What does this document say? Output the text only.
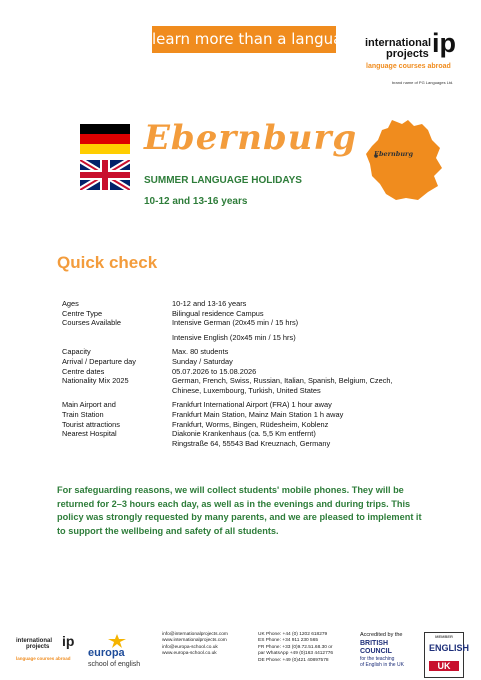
learn more than a language international
projects ip
language courses abroad
brand name of PG Languages Ltd.
Ebernburg
SUMMER LANGUAGE HOLIDAYS
10-12 and 13-16 years
Ebernburg
Quick check
Ages	10-12 and 13-16 years
Centre Type	Bilingual residence Campus
Courses Available	Intensive German (20x45 min / 15 hrs)
Intensive English (20x45 min / 15 hrs)
Capacity	Max. 80 students
Arrival / Departure day	Sunday / Saturday
Centre dates	05.07.2026 to 15.08.2026
Nationality Mix 2025	German, French, Swiss, Russian, Italian, Spanish, Belgium, Czech,
Chinese, Luxembourg, Turkish, United States
Main Airport and	Frankfurt International Airport (FRA) 1 hour away
Train Station	Frankfurt Main Station, Mainz Main Station 1 h away
Tourist attractions	Frankfurt, Worms, Bingen, Rüdesheim, Koblenz
Nearest Hospital	Diakonie Krankenhaus (ca. 5,5 Km entfernt)
Ringstraße 64, 55543 Bad Kreuznach, Germany
For safeguarding reasons, we will collect students' mobile phones. They will be returned for 2–3 hours each day, as well as in the evenings and during trips. This policy was strongly requested by many parents, and we are pleased to implement it to support the wellbeing and safety of all students.
international
projects ip
language courses abroad europa
school of english
info@internationalprojects.com
www.internationalprojects.com
info@europa-school.co.uk
www.europa-school.co.uk
UK Phone: +44 (0) 1202 618279
ES Phone: +34 911 230 565
FR Phone: +33 (0)9.72.51.68.30 or
par WhatsApp +49 (0)163 4412776
DE Phone: +49 (0)421 40897578
Accredited by the
BRITISH
COUNCIL
for the teaching
of English in the UK
MEMBER
ENGLISH
UK
